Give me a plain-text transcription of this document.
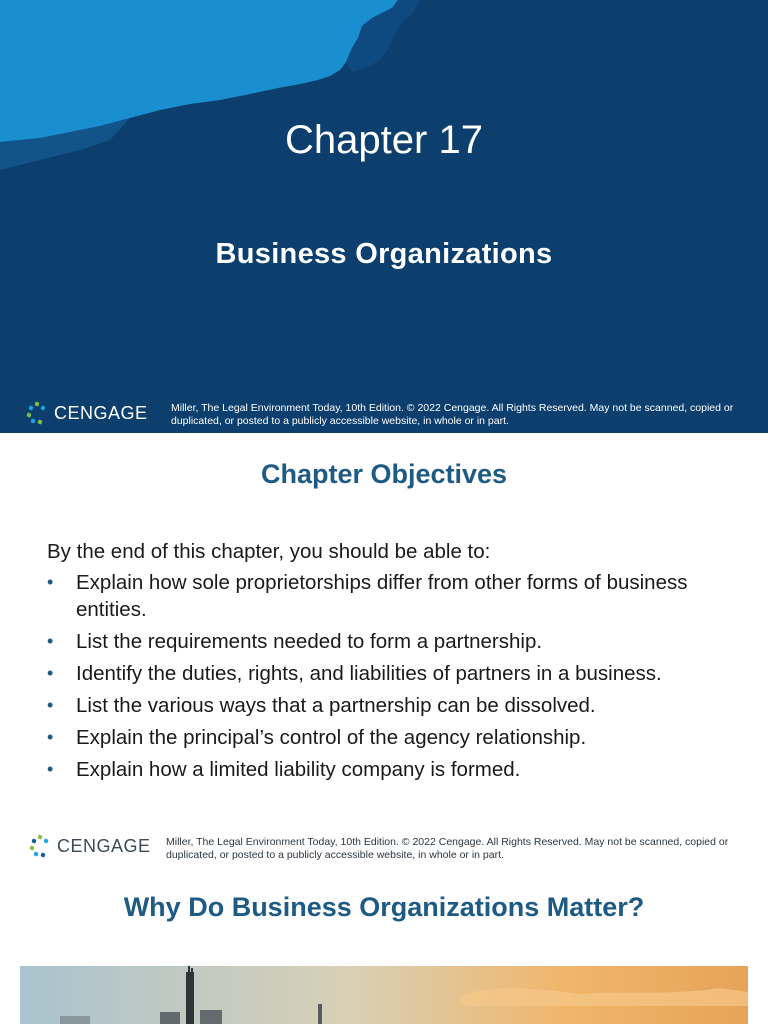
Chapter 17
Business Organizations
CENGAGE Miller, The Legal Environment Today, 10th Edition. © 2022 Cengage. All Rights Reserved. May not be scanned, copied or duplicated, or posted to a publicly accessible website, in whole or in part.
Chapter Objectives
By the end of this chapter, you should be able to:
• Explain how sole proprietorships differ from other forms of business entities.
• List the requirements needed to form a partnership.
• Identify the duties, rights, and liabilities of partners in a business.
• List the various ways that a partnership can be dissolved.
• Explain the principal’s control of the agency relationship.
• Explain how a limited liability company is formed.
CENGAGE Miller, The Legal Environment Today, 10th Edition. © 2022 Cengage. All Rights Reserved. May not be scanned, copied or duplicated, or posted to a publicly accessible website, in whole or in part.
Why Do Business Organizations Matter?
